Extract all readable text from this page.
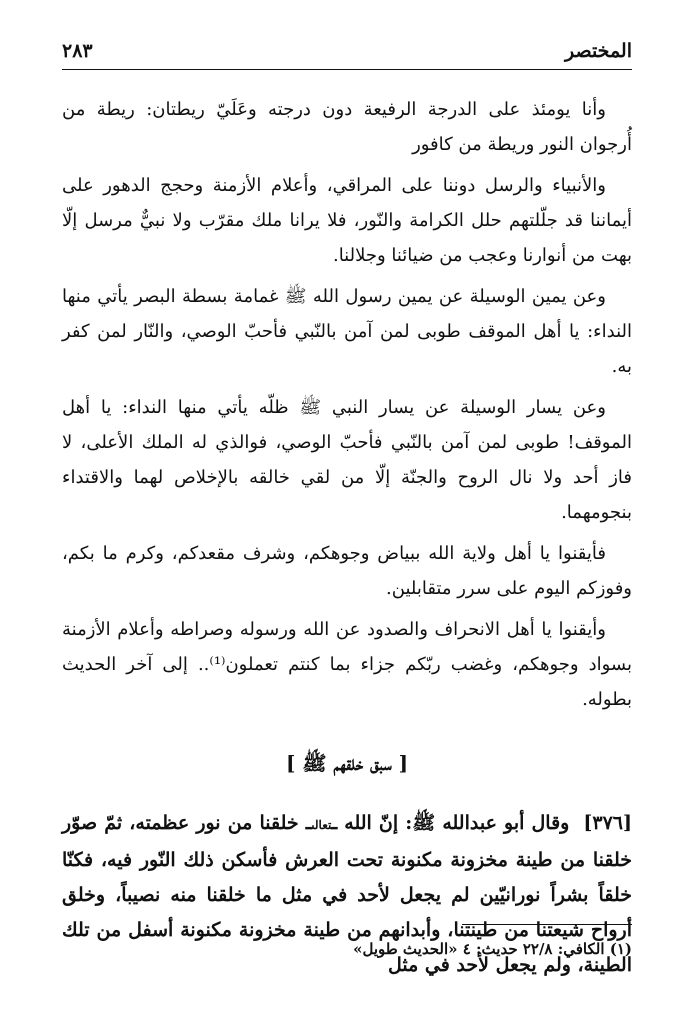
المختصر
٢٨٣

وأنا يومئذ على الدرجة الرفيعة دون درجته وعَلَيّ ريطتان: ريطة من أُرجوان النور وريطة من كافور

والأنبياء والرسل دوننا على المراقي، وأعلام الأزمنة وحجج الدهور على أيماننا قد جلّلتهم حلل الكرامة والنّور، فلا يرانا ملك مقرّب ولا نبيٌّ مرسل إلّا بهت من أنوارنا وعجب من ضيائنا وجلالنا.

وعن يمين الوسيلة عن يمين رسول الله ﷺ غمامة بسطة البصر يأتي منها النداء: يا أهل الموقف طوبى لمن آمن بالنّبي فأحبّ الوصي، والنّار لمن كفر به.

وعن يسار الوسيلة عن يسار النبي ﷺ ظلّه يأتي منها النداء: يا أهل الموقف! طوبى لمن آمن بالنّبي فأحبّ الوصي، فوالذي له الملك الأعلى، لا فاز أحد ولا نال الروح والجنّة إلّا من لقي خالقه بالإخلاص لهما والاقتداء بنجومهما.

فأيقنوا يا أهل ولاية الله ببياض وجوهكم، وشرف مقعدكم، وكرم ما بكم، وفوزكم اليوم على سرر متقابلين.

وأيقنوا يا أهل الانحراف والصدود عن الله ورسوله وصراطه وأعلام الأزمنة بسواد وجوهكم، وغضب ربّكم جزاء بما كنتم تعملون⁽¹⁾.. إلى آخر الحديث بطوله.

[ سبق خلقهم ﷺ ]

[٣٧٦]وقال أبو عبدالله ﷺ: إنّ الله ـتعالىـ خلقنا من نور عظمته، ثمّ صوّر خلقنا من طينة مخزونة مكنونة تحت العرش فأسكن ذلك النّور فيه، فكنّا خلقاً بشراً نورانيّين لم يجعل لأحد في مثل ما خلقنا منه نصيباً، وخلق أرواح شيعتنا من طينتنا، وأبدانهم من طينة مخزونة مكنونة أسفل من تلك الطينة، ولم يجعل لأحد في مثل

(١) الكافي: ٢٢/٨ حديث: ٤ «الحديث طويل»
